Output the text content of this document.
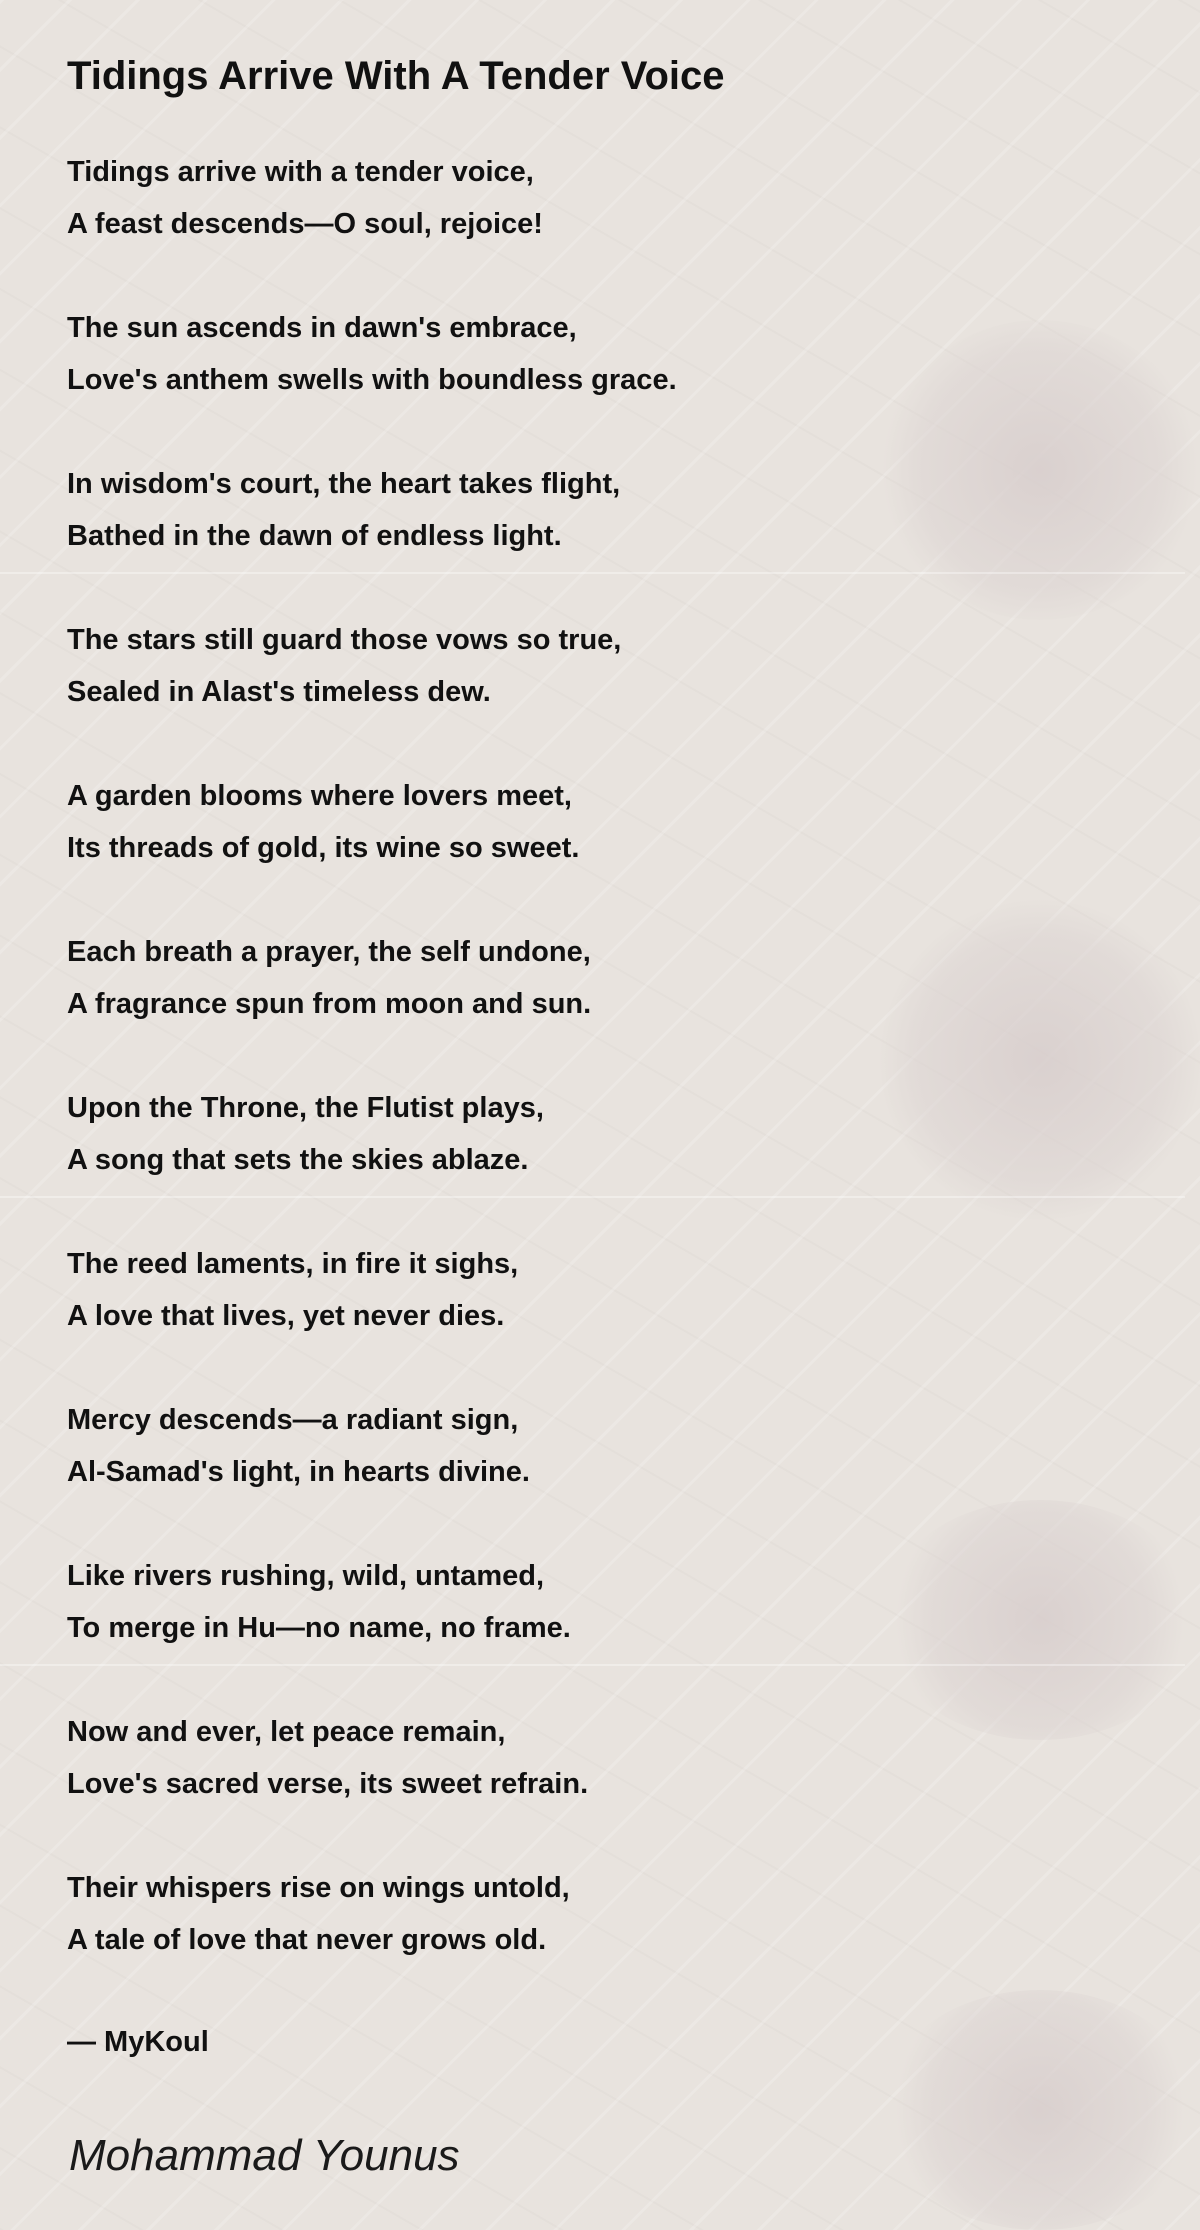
Tidings Arrive With A Tender Voice

Tidings arrive with a tender voice,
A feast descends—O soul, rejoice!

The sun ascends in dawn's embrace,
Love's anthem swells with boundless grace.

In wisdom's court, the heart takes flight,
Bathed in the dawn of endless light.

The stars still guard those vows so true,
Sealed in Alast's timeless dew.

A garden blooms where lovers meet,
Its threads of gold, its wine so sweet.

Each breath a prayer, the self undone,
A fragrance spun from moon and sun.

Upon the Throne, the Flutist plays,
A song that sets the skies ablaze.

The reed laments, in fire it sighs,
A love that lives, yet never dies.

Mercy descends—a radiant sign,
Al-Samad's light, in hearts divine.

Like rivers rushing, wild, untamed,
To merge in Hu—no name, no frame.

Now and ever, let peace remain,
Love's sacred verse, its sweet refrain.

Their whispers rise on wings untold,
A tale of love that never grows old.

— MyKoul
Mohammad Younus
